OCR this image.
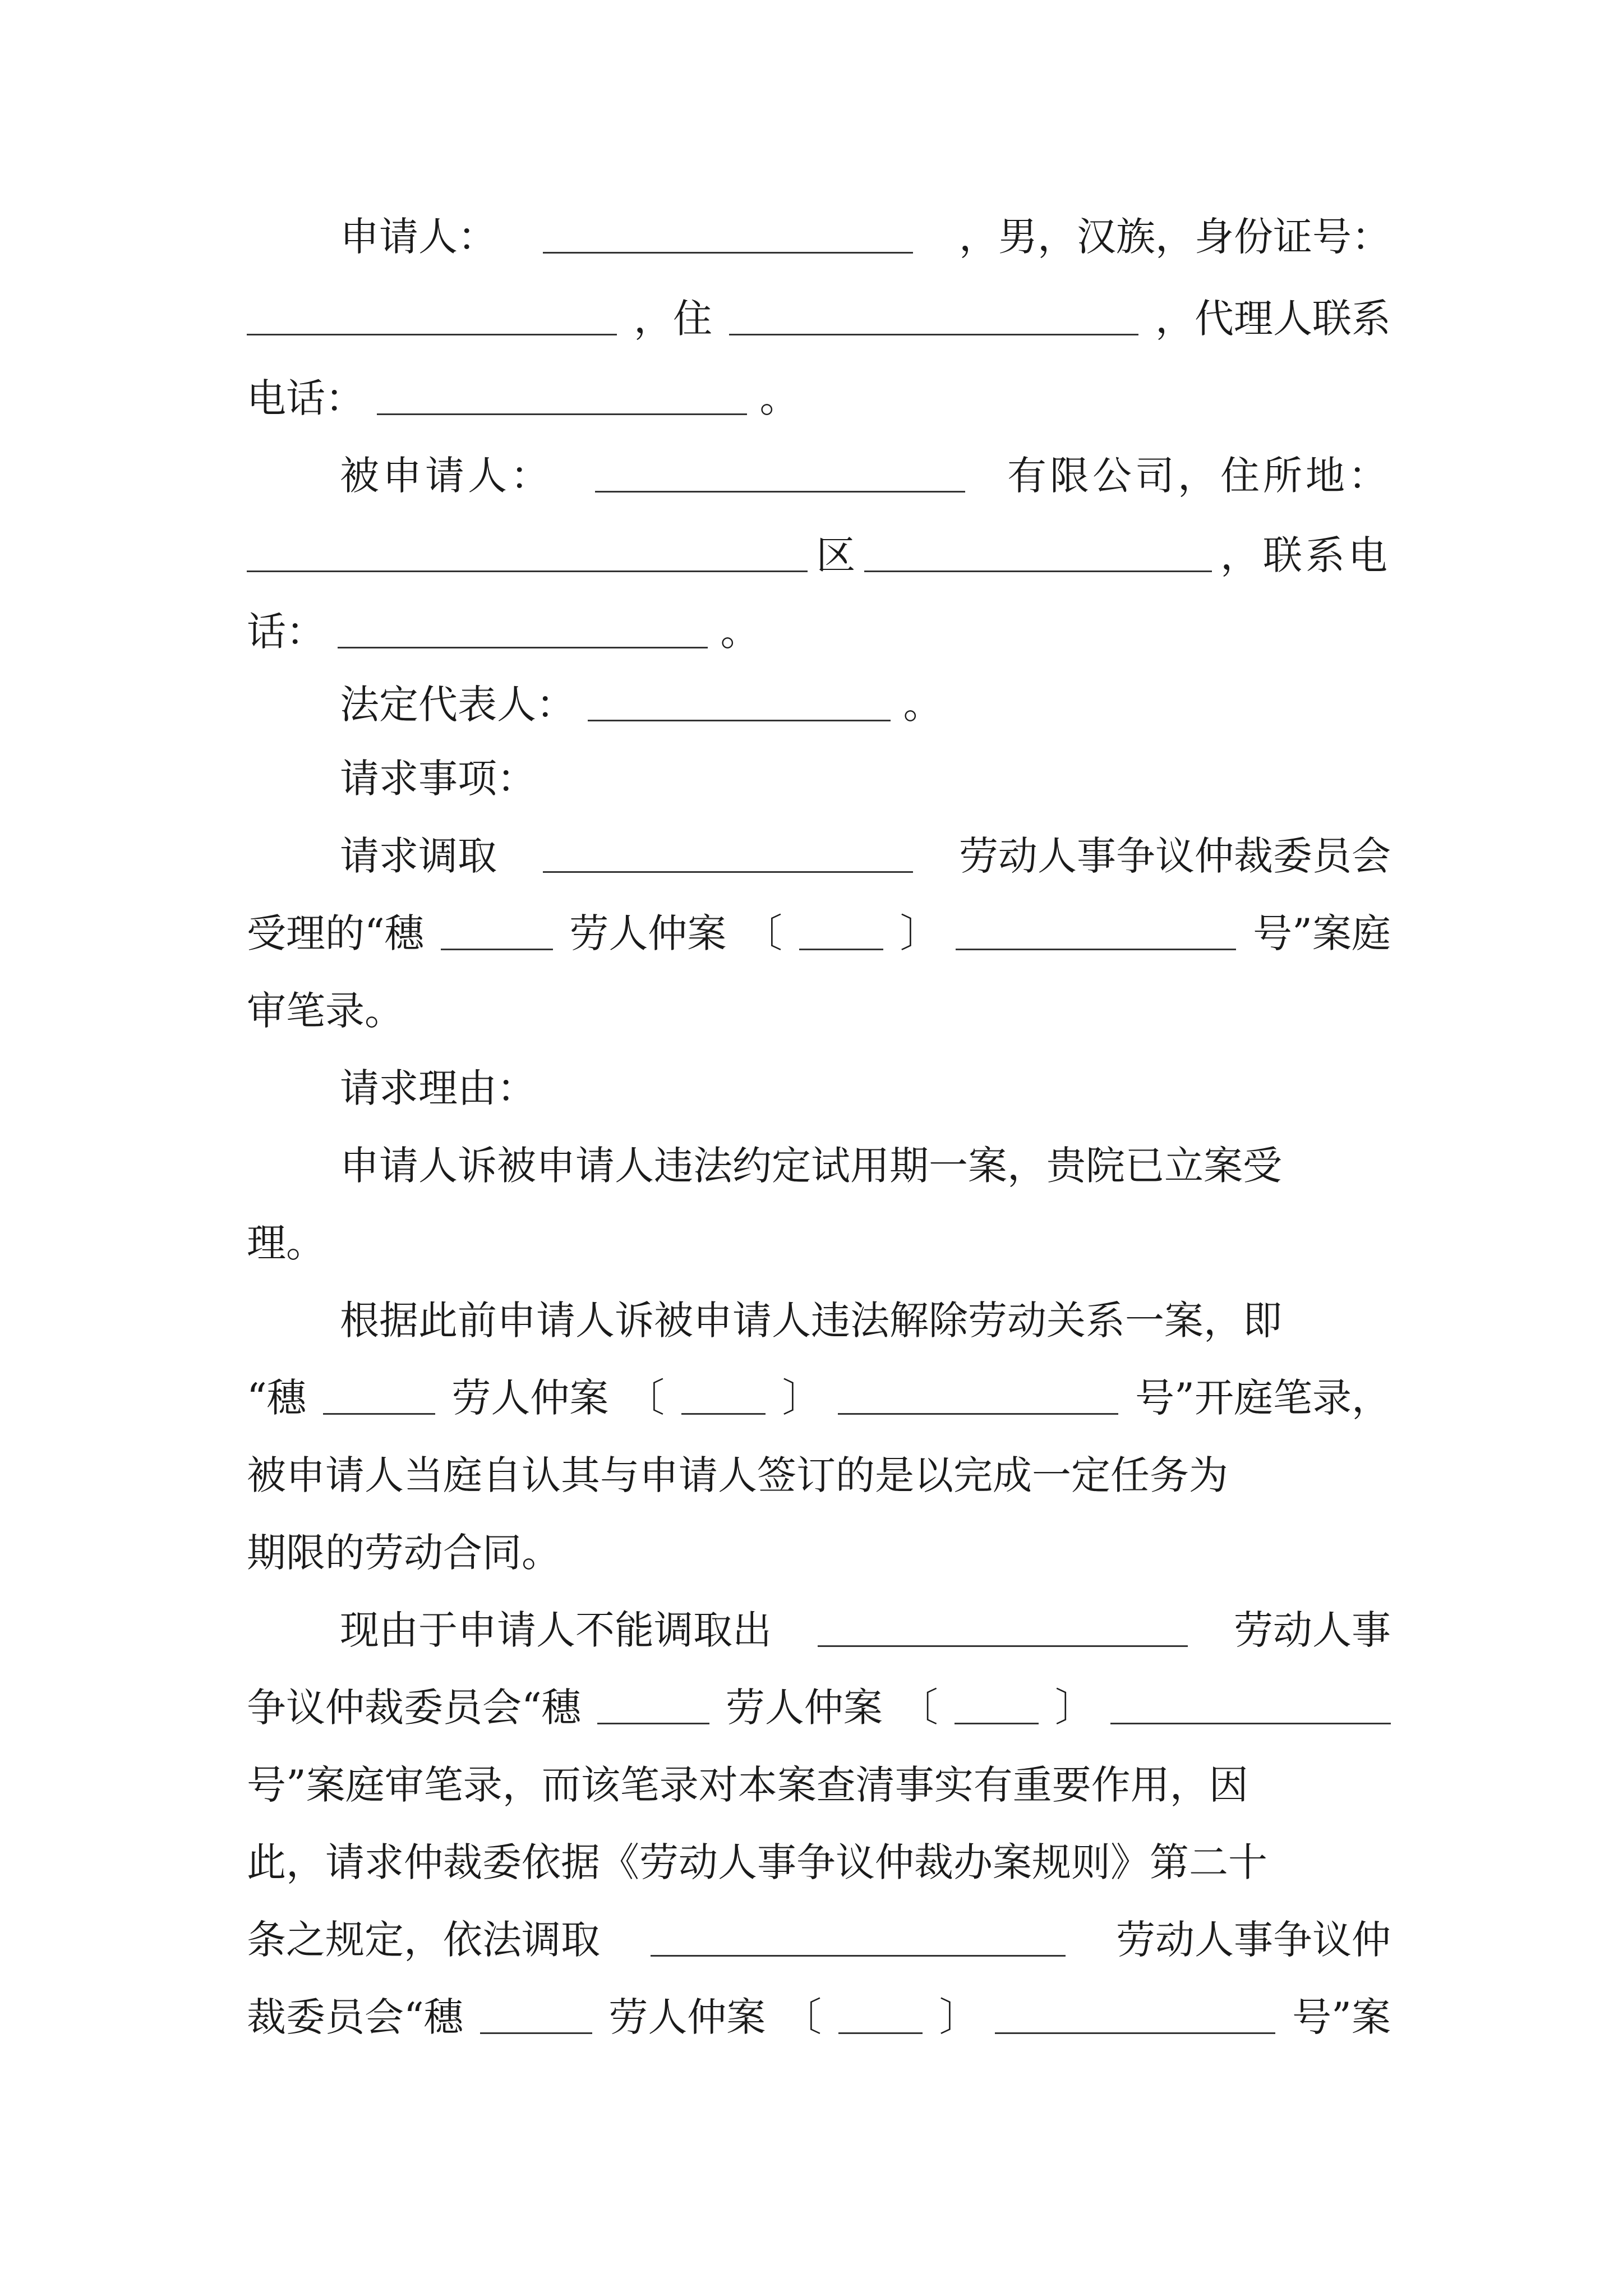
申请人：	，男，汉族，身份证号：
，住	，代理人联系
电话：	。
被申请人：	有限公司，住所地：
区	，联系电
话：	。
法定代表人：	。
请求事项：
请求调取	劳动人事争议仲裁委员会
受理的“穗	劳人仲案 〔	〕	号”案庭
审笔录。
请求理由：
申请人诉被申请人违法约定试用期一案，贵院已立案受
理。
根据此前申请人诉被申请人违法解除劳动关系一案，即
“穗	劳人仲案 〔	〕	号”开庭笔录，
被申请人当庭自认其与申请人签订的是以完成一定任务为
期限的劳动合同。
现由于申请人不能调取出	劳动人事
争议仲裁委员会“穗	劳人仲案 〔	〕
号”案庭审笔录，而该笔录对本案查清事实有重要作用，因
此，请求仲裁委依据《劳动人事争议仲裁办案规则》第二十
条之规定，依法调取	劳动人事争议仲
裁委员会“穗	劳人仲案 〔	〕	号”案
